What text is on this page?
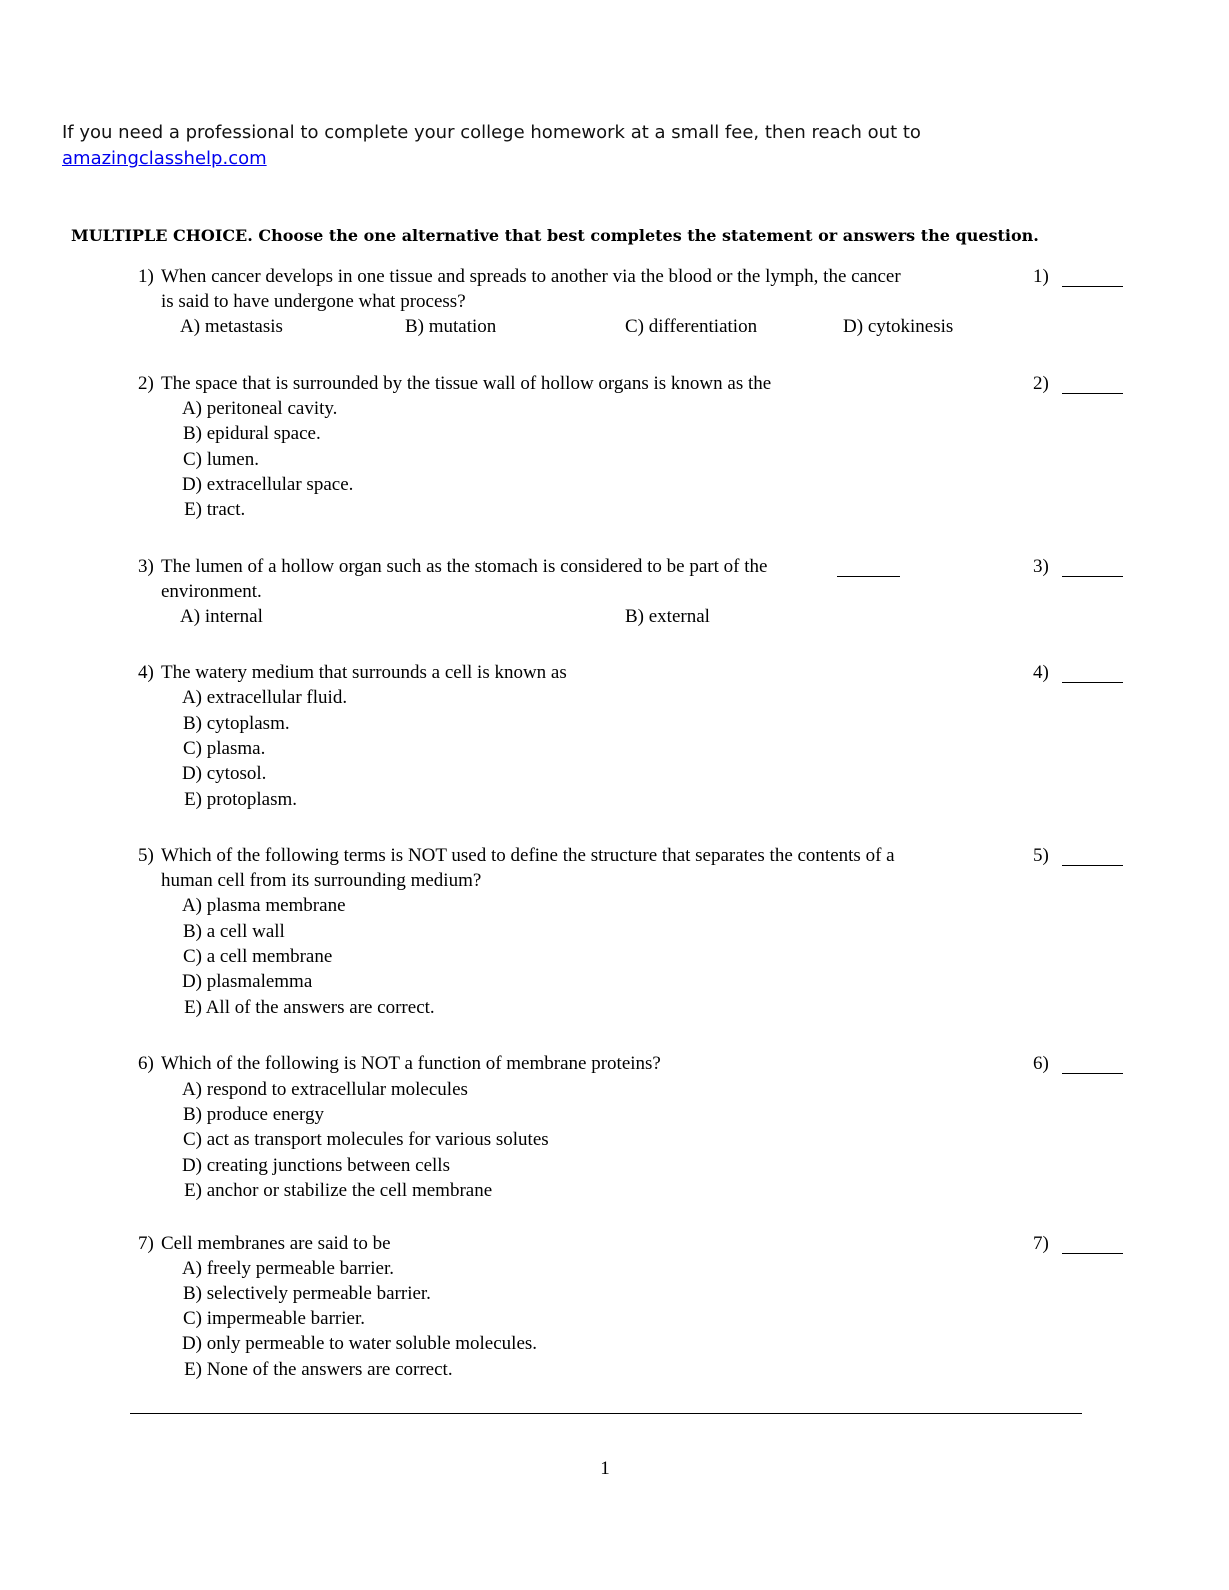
If you need a professional to complete your college homework at a small fee, then reach out to
amazingclasshelp.com
MULTIPLE CHOICE. Choose the one alternative that best completes the statement or answers the question.
1) When cancer develops in one tissue and spreads to another via the blood or the lymph, the cancer
is said to have undergone what process?
1)
A) metastasis	B) mutation	C) differentiation	D) cytokinesis
2) The space that is surrounded by the tissue wall of hollow organs is known as the	2)
A) peritoneal cavity.
B) epidural space.
C) lumen.
D) extracellular space.
E) tract.
3) The lumen of a hollow organ such as the stomach is considered to be part of the
environment.
3)
A) internal	B) external
4) The watery medium that surrounds a cell is known as	4)
A) extracellular fluid.
B) cytoplasm.
C) plasma.
D) cytosol.
E) protoplasm.
5) Which of the following terms is NOT used to define the structure that separates the contents of a
human cell from its surrounding medium?
5)
A) plasma membrane
B) a cell wall
C) a cell membrane
D) plasmalemma
E) All of the answers are correct.
6) Which of the following is NOT a function of membrane proteins?	6)
A) respond to extracellular molecules
B) produce energy
C) act as transport molecules for various solutes
D) creating junctions between cells
E) anchor or stabilize the cell membrane
7) Cell membranes are said to be	7)
A) freely permeable barrier.
B) selectively permeable barrier.
C) impermeable barrier.
D) only permeable to water soluble molecules.
E) None of the answers are correct.
1
